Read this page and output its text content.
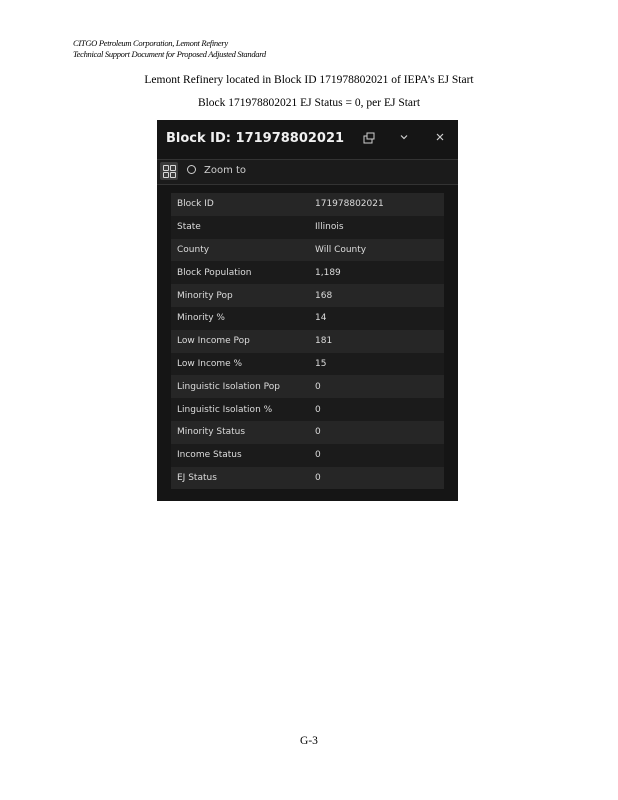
CITGO Petroleum Corporation, Lemont Refinery
Technical Support Document for Proposed Adjusted Standard
Lemont Refinery located in Block ID 171978802021 of IEPA’s EJ Start
Block 171978802021 EJ Status = 0, per EJ Start
Block ID: 171978802021
Zoom to
Block ID	171978802021
State	Illinois
County	Will County
Block Population	1,189
Minority Pop	168
Minority %	14
Low Income Pop	181
Low Income %	15
Linguistic Isolation Pop	0
Linguistic Isolation %	0
Minority Status	0
Income Status	0
EJ Status	0
G-3
